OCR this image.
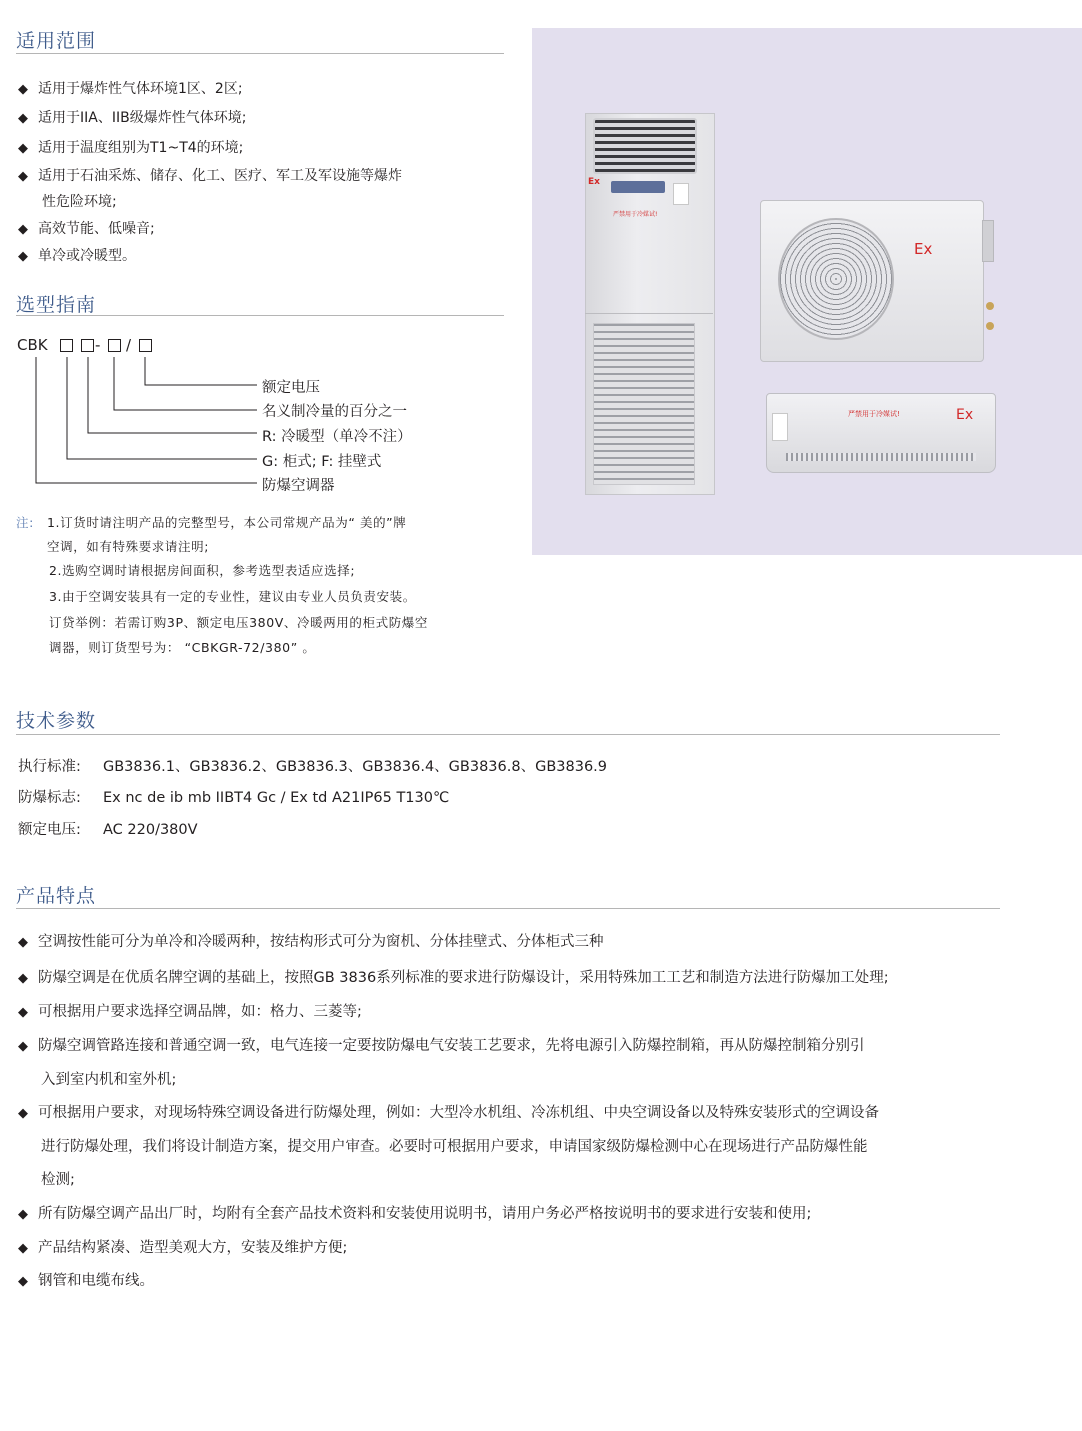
适用范围
◆ 适用于爆炸性气体环境1区、2区;
◆ 适用于IIA、IIB级爆炸性气体环境;
◆ 适用于温度组别为T1~T4的环境;
◆ 适用于石油采炼、储存、化工、医疗、军工及军设施等爆炸
性危险环境;
◆ 高效节能、低噪音;
◆ 单冷或冷暖型。
选型指南
CBK	- /
额定电压
名义制冷量的百分之一
R: 冷暖型（单冷不注）
G: 柜式; F: 挂壁式
防爆空调器
注: 1.订货时请注明产品的完整型号，本公司常规产品为“ 美的”牌
空调，如有特殊要求请注明;
2.选购空调时请根据房间面积，参考选型表适应选择;
3.由于空调安装具有一定的专业性，建议由专业人员负责安装。
订贷举例：若需订购3P、额定电压380V、冷暖两用的柜式防爆空
调器，则订货型号为： “CBKGR-72/380” 。
Ex
严禁用于冷媒试!
Ex
严禁用于冷媒试!	Ex
技术参数
执行标准: GB3836.1、GB3836.2、GB3836.3、GB3836.4、GB3836.8、GB3836.9
防爆标志: Ex nc de ib mb IIBT4 Gc / Ex td A21IP65 T130℃
额定电压: AC 220/380V
产品特点
◆ 空调按性能可分为单冷和冷暖两种，按结构形式可分为窗机、分体挂壁式、分体柜式三种
◆ 防爆空调是在优质名牌空调的基础上，按照GB 3836系列标准的要求进行防爆设计，采用特殊加工工艺和制造方法进行防爆加工处理;
◆ 可根据用户要求选择空调品牌，如：格力、三菱等;
◆ 防爆空调管路连接和普通空调一致，电气连接一定要按防爆电气安装工艺要求，先将电源引入防爆控制箱，再从防爆控制箱分别引
入到室内机和室外机;
◆ 可根据用户要求，对现场特殊空调设备进行防爆处理，例如：大型冷水机组、冷冻机组、中央空调设备以及特殊安装形式的空调设备
进行防爆处理，我们将设计制造方案，提交用户审查。必要时可根据用户要求，申请国家级防爆检测中心在现场进行产品防爆性能
检测;
◆ 所有防爆空调产品出厂时，均附有全套产品技术资料和安装使用说明书，请用户务必严格按说明书的要求进行安装和使用;
◆ 产品结构紧凑、造型美观大方，安装及维护方便;
◆ 钢管和电缆布线。
